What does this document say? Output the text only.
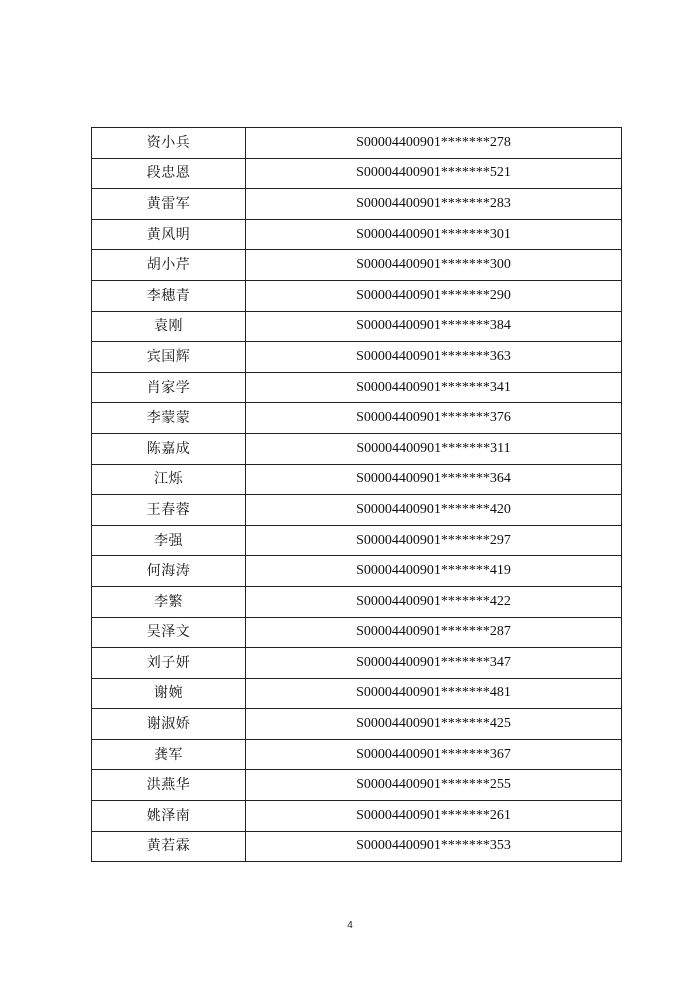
资小兵	S00004400901*******278
段忠恩	S00004400901*******521
黄雷军	S00004400901*******283
黄风明	S00004400901*******301
胡小芹	S00004400901*******300
李穗青	S00004400901*******290
袁刚	S00004400901*******384
宾国辉	S00004400901*******363
肖家学	S00004400901*******341
李蒙蒙	S00004400901*******376
陈嘉成	S00004400901*******311
江烁	S00004400901*******364
王春蓉	S00004400901*******420
李强	S00004400901*******297
何海涛	S00004400901*******419
李繁	S00004400901*******422
吴泽文	S00004400901*******287
刘子妍	S00004400901*******347
谢婉	S00004400901*******481
谢淑娇	S00004400901*******425
龚军	S00004400901*******367
洪燕华	S00004400901*******255
姚泽南	S00004400901*******261
黄若霖	S00004400901*******353
4
